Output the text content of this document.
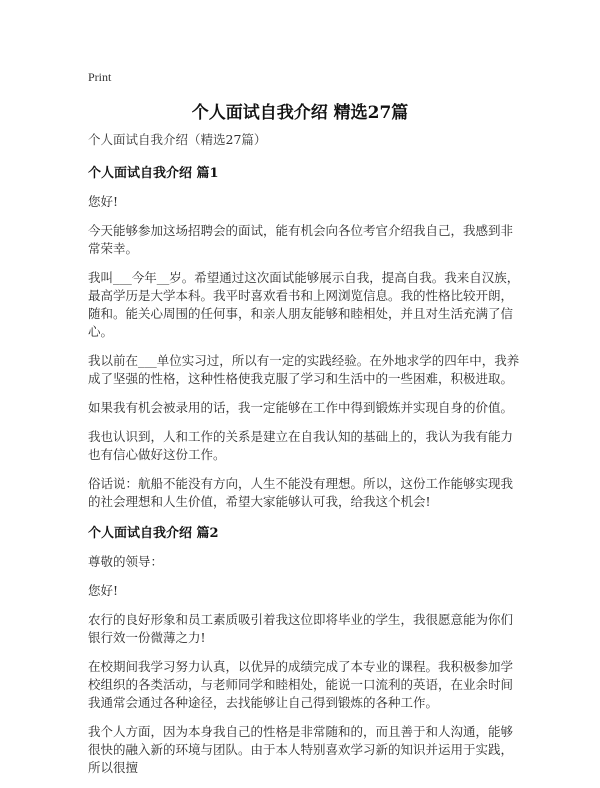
Print
个人面试自我介绍 精选27篇

个人面试自我介绍（精选27篇）

个人面试自我介绍 篇1

您好!

今天能够参加这场招聘会的面试，能有机会向各位考官介绍我自己，我感到非常荣幸。

我叫___今年__岁。希望通过这次面试能够展示自我，提高自我。我来自汉族，最高学历是大学本科。我平时喜欢看书和上网浏览信息。我的性格比较开朗，随和。能关心周围的任何事，和亲人朋友能够和睦相处，并且对生活充满了信心。

我以前在___单位实习过，所以有一定的实践经验。在外地求学的四年中，我养成了坚强的性格，这种性格使我克服了学习和生活中的一些困难，积极进取。

如果我有机会被录用的话，我一定能够在工作中得到锻炼并实现自身的价值。

我也认识到，人和工作的关系是建立在自我认知的基础上的，我认为我有能力也有信心做好这份工作。

俗话说：航船不能没有方向，人生不能没有理想。所以，这份工作能够实现我的社会理想和人生价值，希望大家能够认可我，给我这个机会!

个人面试自我介绍 篇2

尊敬的领导：

您好!

农行的良好形象和员工素质吸引着我这位即将毕业的学生，我很愿意能为你们银行效一份微薄之力!

在校期间我学习努力认真，以优异的成绩完成了本专业的课程。我积极参加学校组织的各类活动，与老师同学和睦相处，能说一口流利的英语，在业余时间我通常会通过各种途径，去找能够让自己得到锻炼的各种工作。

我个人方面，因为本身我自己的性格是非常随和的，而且善于和人沟通，能够很快的融入新的环境与团队。由于本人特别喜欢学习新的知识并运用于实践，所以很擅
